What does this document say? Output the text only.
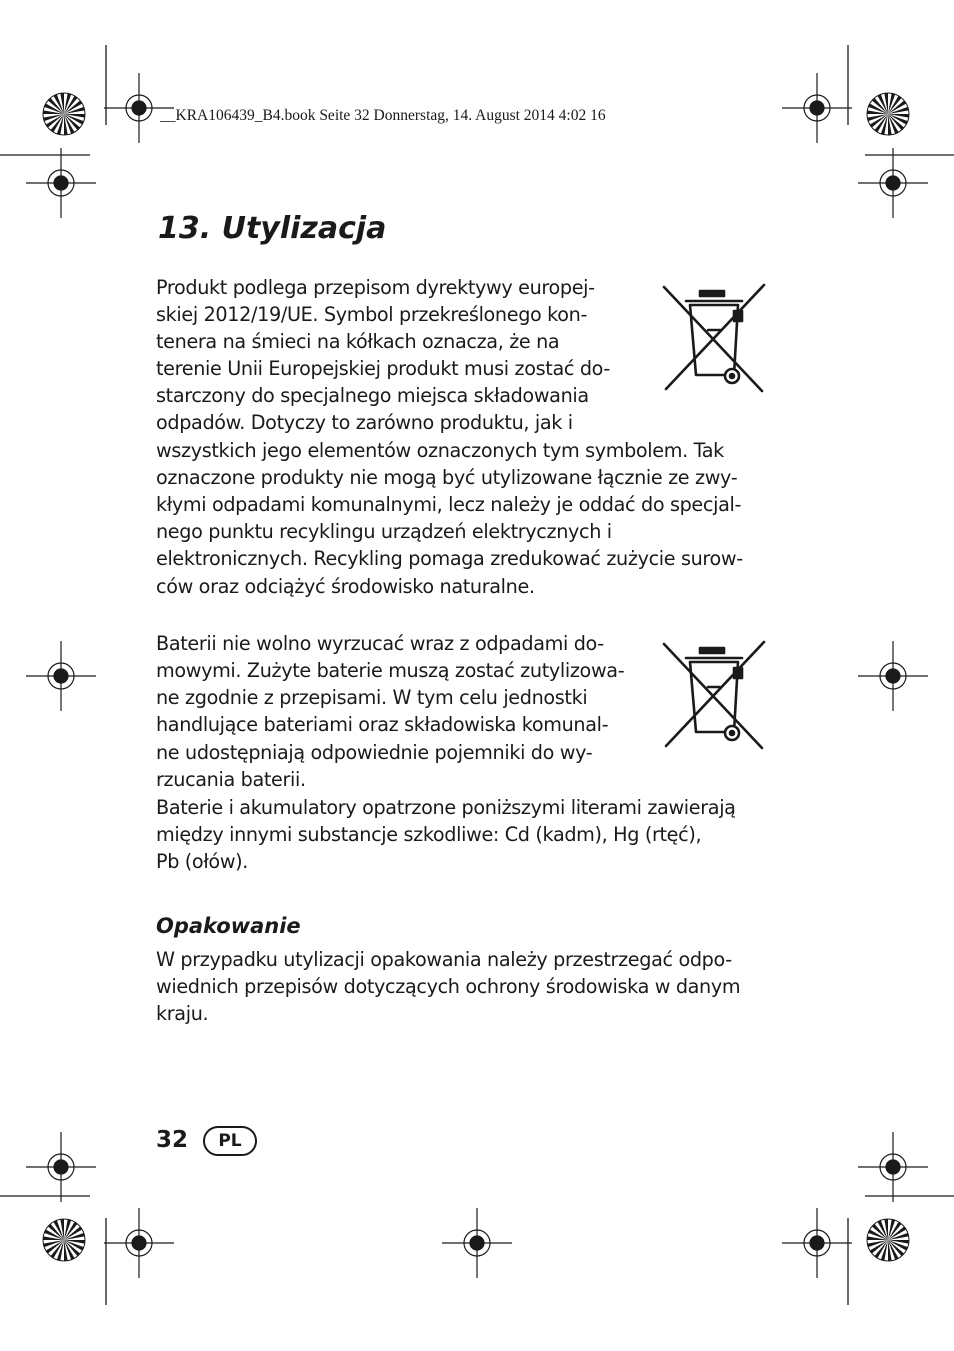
__KRA106439_B4.book Seite 32 Donnerstag, 14. August 2014 4:02 16
13. Utylizacja
Produkt podlega przepisom dyrektywy europej-
skiej 2012/19/UE. Symbol przekreślonego kon-
tenera na śmieci na kółkach oznacza, że na
terenie Unii Europejskiej produkt musi zostać do-
starczony do specjalnego miejsca składowania
odpadów. Dotyczy to zarówno produktu, jak i
wszystkich jego elementów oznaczonych tym symbolem. Tak
oznaczone produkty nie mogą być utylizowane łącznie ze zwy-
kłymi odpadami komunalnymi, lecz należy je oddać do specjal-
nego punktu recyklingu urządzeń elektrycznych i
elektronicznych. Recykling pomaga zredukować zużycie surow-
ców oraz odciążyć środowisko naturalne.
Baterii nie wolno wyrzucać wraz z odpadami do-
mowymi. Zużyte baterie muszą zostać zutylizowa-
ne zgodnie z przepisami. W tym celu jednostki
handlujące bateriami oraz składowiska komunal-
ne udostępniają odpowiednie pojemniki do wy-
rzucania baterii.
Baterie i akumulatory opatrzone poniższymi literami zawierają
między innymi substancje szkodliwe: Cd (kadm), Hg (rtęć),
Pb (ołów).
Opakowanie
W przypadku utylizacji opakowania należy przestrzegać odpo-
wiednich przepisów dotyczących ochrony środowiska w danym
kraju.
32	PL
